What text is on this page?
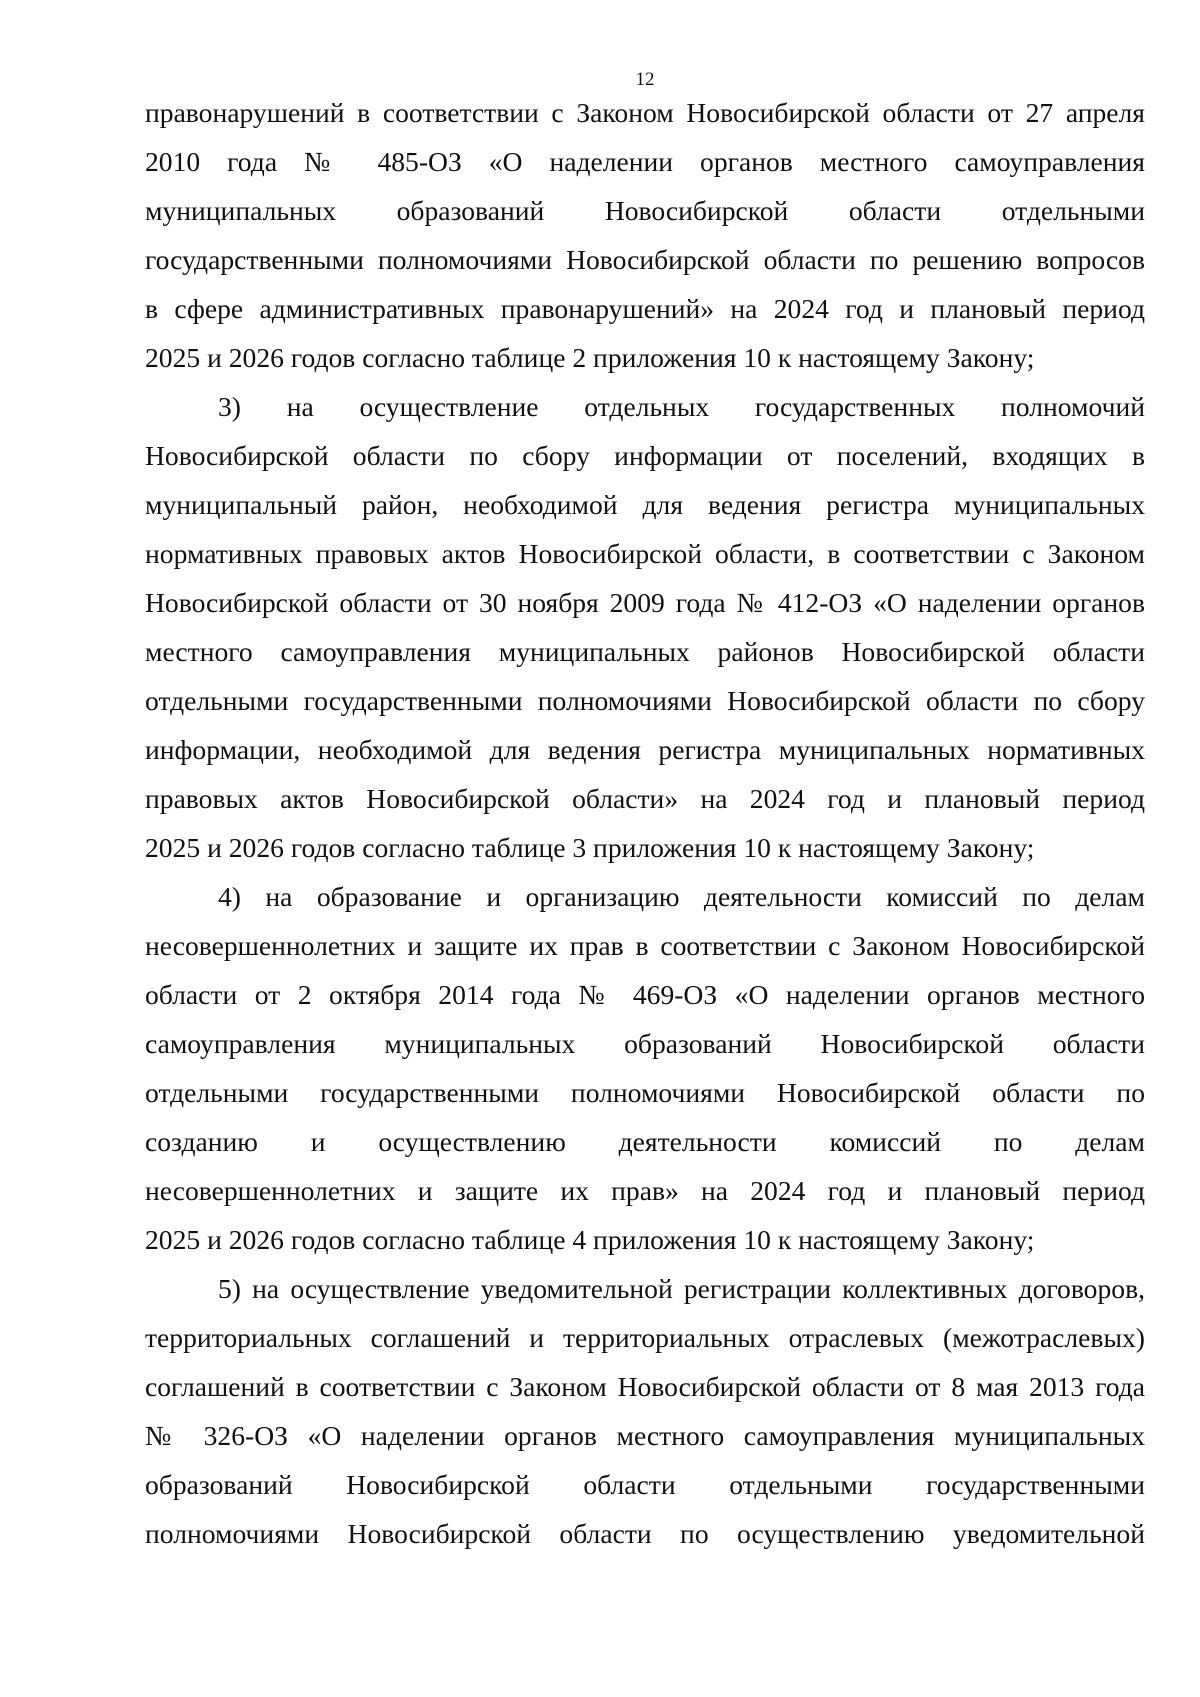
12
правонарушений в соответствии с Законом Новосибирской области от 27 апреля
2010 года № 485-ОЗ «О наделении органов местного самоуправления
муниципальных образований Новосибирской области отдельными
государственными полномочиями Новосибирской области по решению вопросов
в сфере административных правонарушений» на 2024 год и плановый период
2025 и 2026 годов согласно таблице 2 приложения 10 к настоящему Закону;
3) на осуществление отдельных государственных полномочий
Новосибирской области по сбору информации от поселений, входящих в
муниципальный район, необходимой для ведения регистра муниципальных
нормативных правовых актов Новосибирской области, в соответствии с Законом
Новосибирской области от 30 ноября 2009 года № 412-ОЗ «О наделении органов
местного самоуправления муниципальных районов Новосибирской области
отдельными государственными полномочиями Новосибирской области по сбору
информации, необходимой для ведения регистра муниципальных нормативных
правовых актов Новосибирской области» на 2024 год и плановый период
2025 и 2026 годов согласно таблице 3 приложения 10 к настоящему Закону;
4) на образование и организацию деятельности комиссий по делам
несовершеннолетних и защите их прав в соответствии с Законом Новосибирской
области от 2 октября 2014 года № 469-ОЗ «О наделении органов местного
самоуправления муниципальных образований Новосибирской области
отдельными государственными полномочиями Новосибирской области по
созданию и осуществлению деятельности комиссий по делам
несовершеннолетних и защите их прав» на 2024 год и плановый период
2025 и 2026 годов согласно таблице 4 приложения 10 к настоящему Закону;
5) на осуществление уведомительной регистрации коллективных договоров,
территориальных соглашений и территориальных отраслевых (межотраслевых)
соглашений в соответствии с Законом Новосибирской области от 8 мая 2013 года
№ 326-ОЗ «О наделении органов местного самоуправления муниципальных
образований Новосибирской области отдельными государственными
полномочиями Новосибирской области по осуществлению уведомительной
